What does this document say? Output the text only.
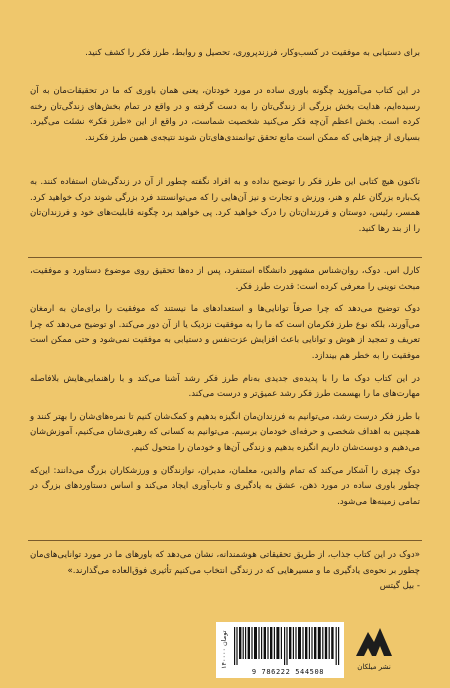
برای دستیابی به موفقیت در کسب‌وکار، فرزندپروری، تحصیل و روابط، طرز فکر را کشف کنید.

در این کتاب می‌آموزید چگونه باوری ساده در مورد خودتان، یعنی همان باوری که ما در تحقیقات‌مان به آن رسیده‌ایم، هدایت بخش بزرگی از زندگی‌تان را به دست گرفته و در واقع در تمام بخش‌های زندگی‌تان رخنه کرده است. بخش اعظم آن‌چه فکر می‌کنید شخصیت شماست، در واقع از این «طرز فکر» نشئت می‌گیرد. بسیاری از چیزهایی که ممکن است مانع تحقق توانمندی‌های‌تان شوند نتیجه‌ی همین طرز فکرند.

تاکنون هیچ کتابی این طرز فکر را توضیح نداده و به افراد نگفته چطور از آن در زندگی‌شان استفاده کنند. به یک‌باره بزرگان علم و هنر، ورزش و تجارت و نیز آن‌هایی را که می‌توانستند فرد بزرگی شوند درک خواهید کرد. همسر، رئیس، دوستان و فرزندان‌تان را درک خواهید کرد. پی خواهید برد چگونه قابلیت‌های خود و فرزندان‌تان را از بند رها کنید.

کارل اس. دوک، روان‌شناس مشهور دانشگاه استنفرد، پس از ده‌ها تحقیق روی موضوع دستاورد و موفقیت، مبحث نوینی را معرفی کرده است: قدرت طرز فکر.

دوک توضیح می‌دهد که چرا صرفاً توانایی‌ها و استعدادهای ما نیستند که موفقیت را برای‌مان به ارمغان می‌آورند، بلکه نوع طرز فکرمان است که ما را به موفقیت نزدیک یا از آن دور می‌کند. او توضیح می‌دهد که چرا تعریف و تمجید از هوش و توانایی باعث افزایش عزت‌نفس و دستیابی به موفقیت نمی‌شود و حتی ممکن است موفقیت را به خطر هم بیندازد.

در این کتاب دوک ما را با پدیده‌ی جدیدی به‌نام طرز فکر رشد آشنا می‌کند و با راهنمایی‌هایش بلافاصله مهارت‌های ما را بهسمت طرز فکر رشد عمیق‌تر و درست می‌کند.

با طرز فکر درست رشد، می‌توانیم به فرزندان‌مان انگیزه بدهیم و کمک‌شان کنیم تا نمره‌های‌شان را بهتر کنند و همچنین به اهداف شخصی و حرفه‌ای خودمان برسیم. می‌توانیم به کسانی که رهبری‌شان می‌کنیم، آموزش‌شان می‌دهیم و دوست‌شان داریم انگیزه بدهیم و زندگی آن‌ها و خودمان را متحول کنیم.

دوک چیزی را آشکار می‌کند که تمام والدین، معلمان، مدیران، نوازندگان و ورزشکاران بزرگ می‌دانند: این‌که چطور باوری ساده در مورد ذهن، عشق به یادگیری و تاب‌آوری ایجاد می‌کند و اساس دستاوردهای بزرگ در تمامی زمینه‌ها می‌شود.

«دوک در این کتاب جذاب، از طریق تحقیقاتی هوشمندانه، نشان می‌دهد که باورهای ما در مورد توانایی‌های‌مان چطور بر نحوه‌ی یادگیری ما و مسیرهایی که در زندگی انتخاب می‌کنیم تأثیری فوق‌العاده می‌گذارند.»
- بیل گیتس
۱۴۰۰۰۰ تومان
9 786222 544508
نشر میلکان
